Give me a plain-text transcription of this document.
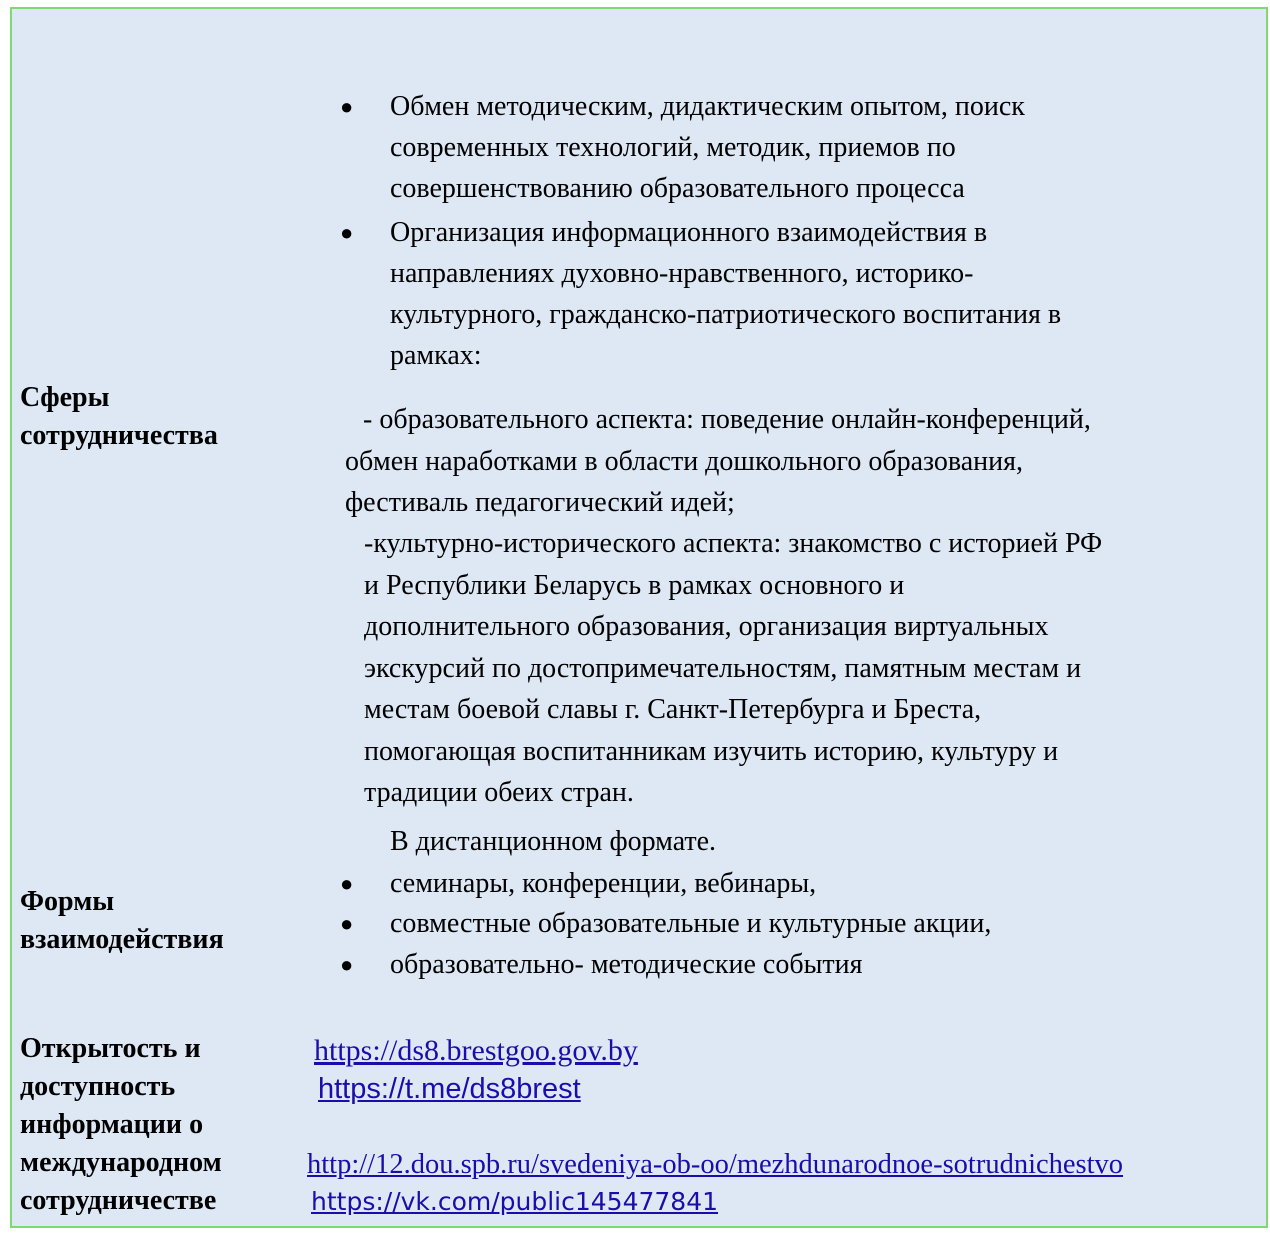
Сферы
сотрудничества
● Обмен методическим, дидактическим опытом, поиск
современных технологий, методик, приемов по
совершенствованию образовательного процесса
● Организация информационного взаимодействия в
направлениях духовно-нравственного, историко-
культурного, гражданско-патриотического воспитания в
рамках:
- образовательного аспекта: поведение онлайн-конференций,
обмен наработками в области дошкольного образования,
фестиваль педагогический идей;
-культурно-исторического аспекта: знакомство с историей РФ
и Республики Беларусь в рамках основного и
дополнительного образования, организация виртуальных
экскурсий по достопримечательностям, памятным местам и
местам боевой славы г. Санкт-Петербурга и Бреста,
помогающая воспитанникам изучить историю, культуру и
традиции обеих стран.
Формы
взаимодействия
В дистанционном формате.
● семинары, конференции, вебинары,
● совместные образовательные и культурные акции,
● образовательно- методические события
Открытость и
доступность
информации о
международном
сотрудничестве
https://ds8.brestgoo.gov.by
https://t.me/ds8brest
http://12.dou.spb.ru/svedeniya-ob-oo/mezhdunarodnoe-sotrudnichestvo
https://vk.com/public145477841
